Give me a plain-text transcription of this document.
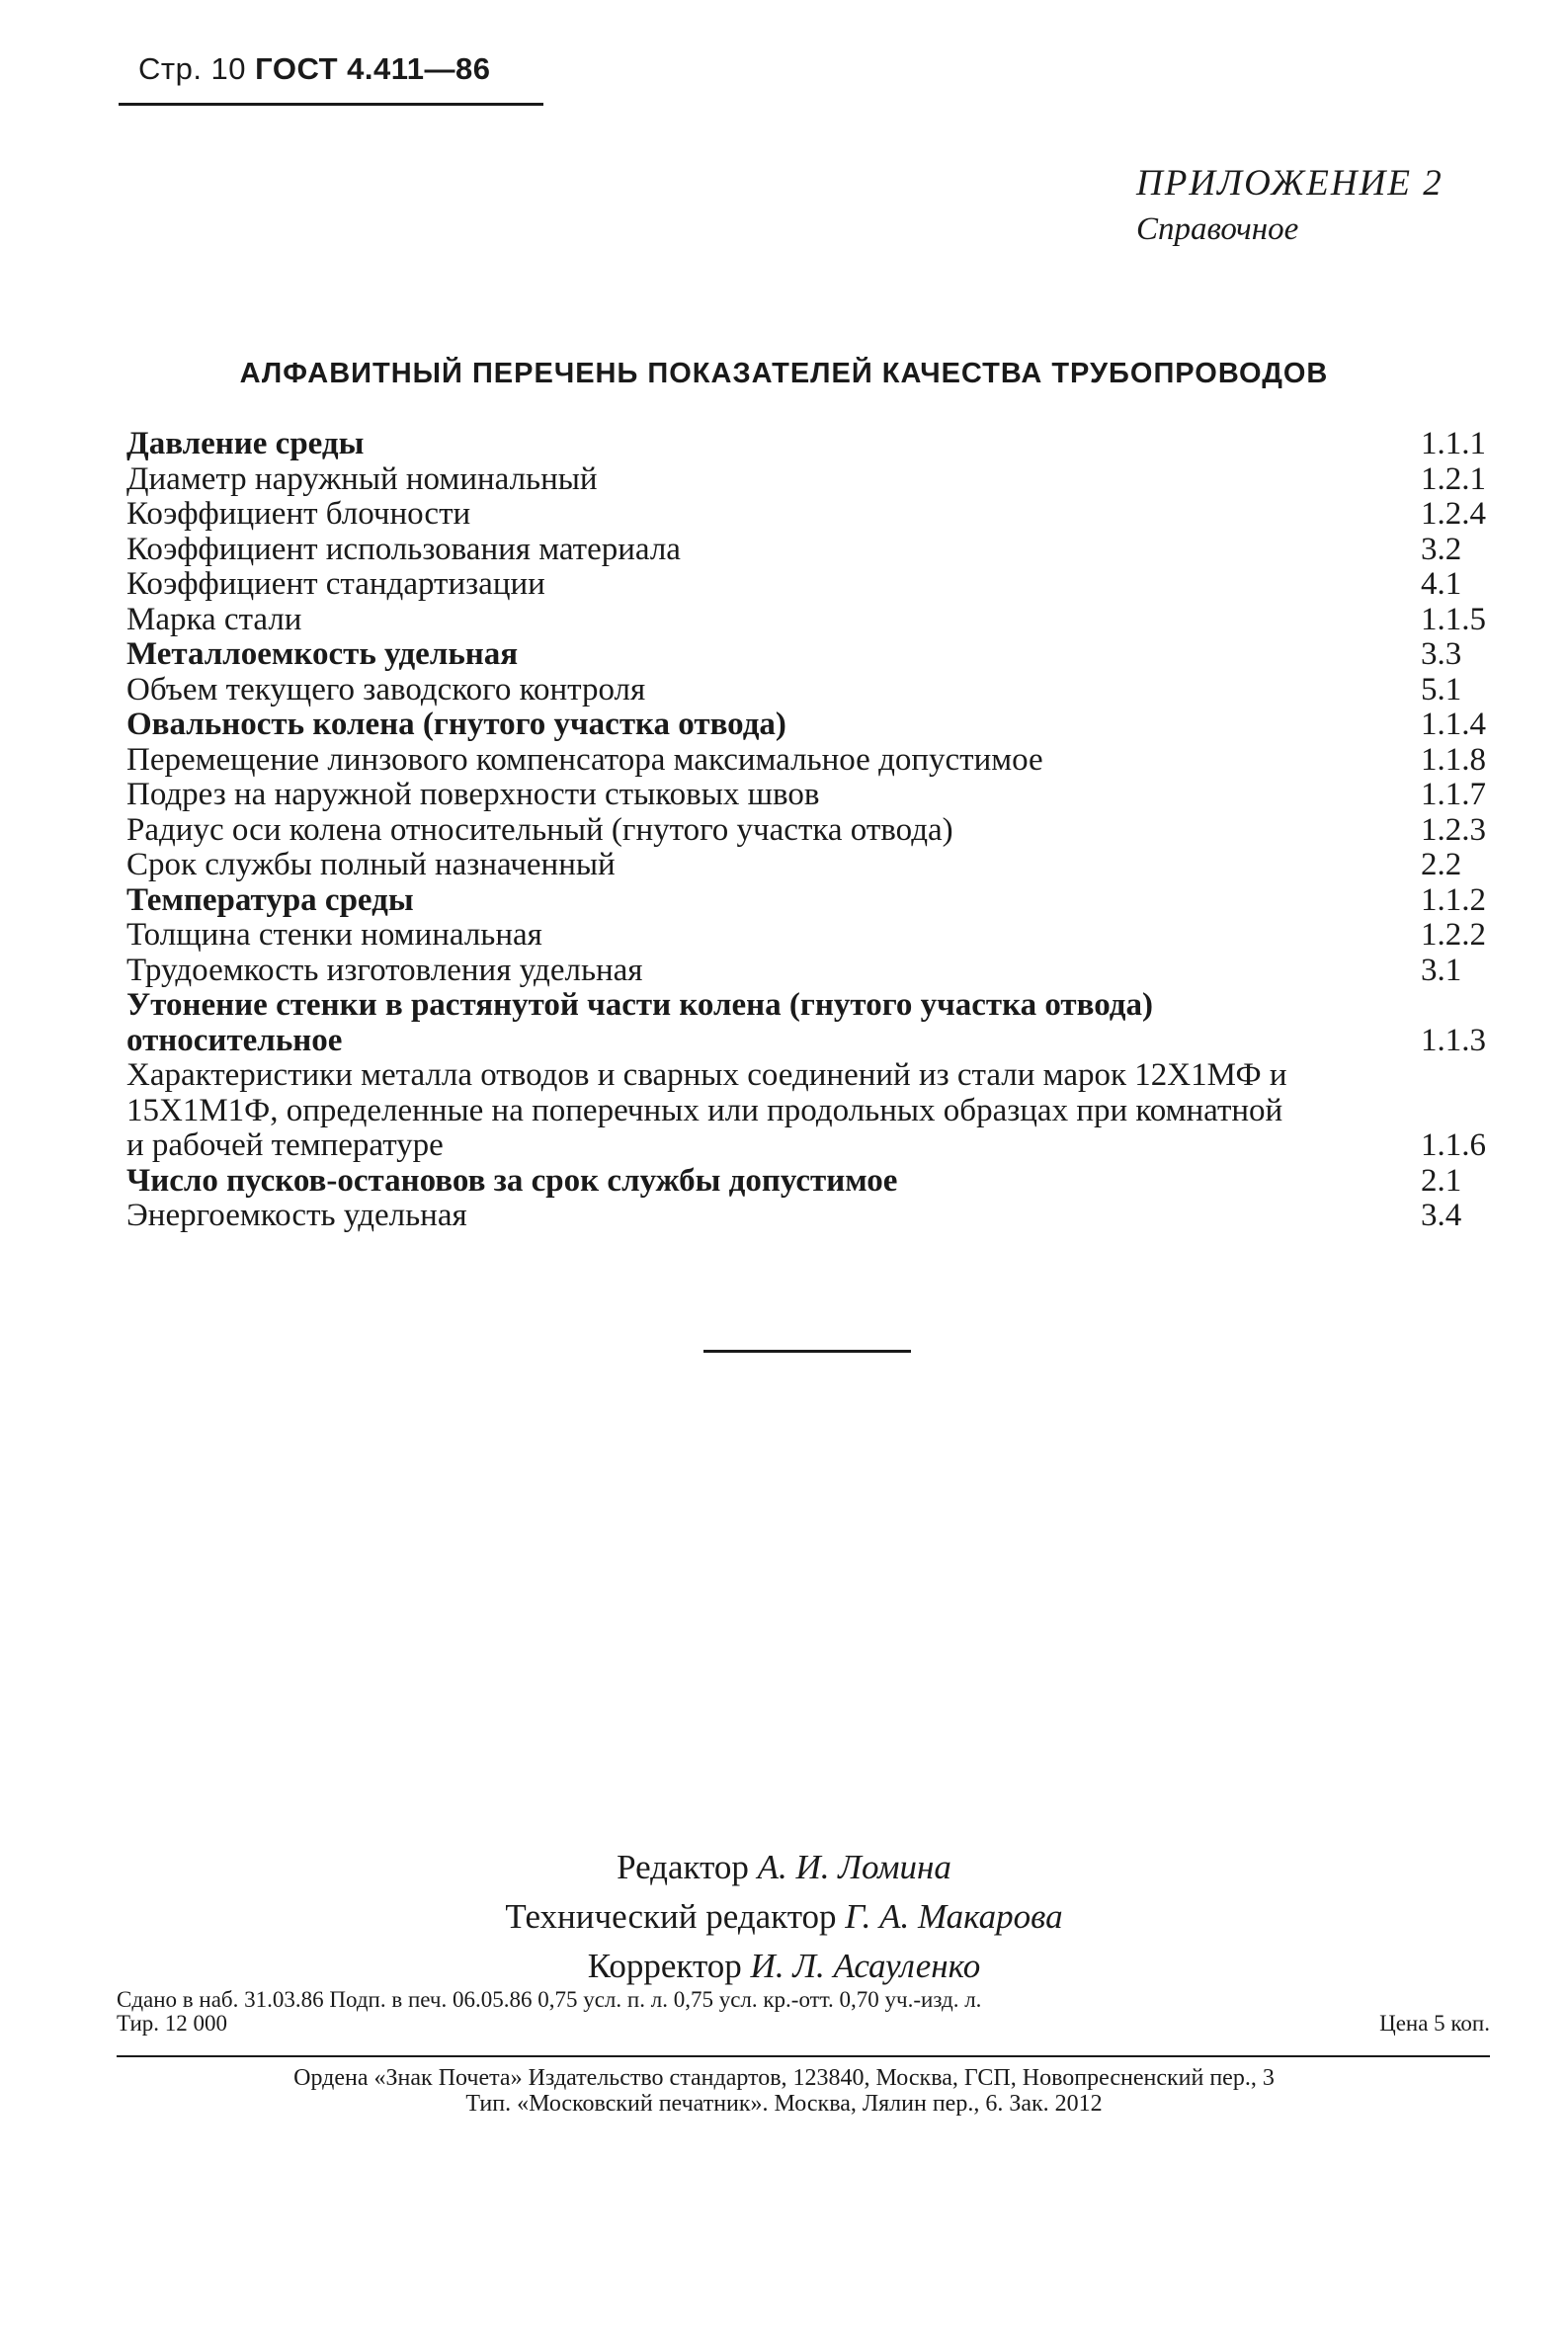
Стр. 10 ГОСТ 4.411—86
ПРИЛОЖЕНИЕ 2
Справочное
АЛФАВИТНЫЙ ПЕРЕЧЕНЬ ПОКАЗАТЕЛЕЙ КАЧЕСТВА ТРУБОПРОВОДОВ
Давление среды	1.1.1
Диаметр наружный номинальный	1.2.1
Коэффициент блочности	1.2.4
Коэффициент использования материала	3.2
Коэффициент стандартизации	4.1
Марка стали	1.1.5
Металлоемкость удельная	3.3
Объем текущего заводского контроля	5.1
Овальность колена (гнутого участка отвода)	1.1.4
Перемещение линзового компенсатора максимальное допустимое	1.1.8
Подрез на наружной поверхности стыковых швов	1.1.7
Радиус оси колена относительный (гнутого участка отвода)	1.2.3
Срок службы полный назначенный	2.2
Температура среды	1.1.2
Толщина стенки номинальная	1.2.2
Трудоемкость изготовления удельная	3.1
Утонение стенки в растянутой части колена (гнутого участка отвода) относительное	1.1.3
Характеристики металла отводов и сварных соединений из стали марок 12Х1МФ и 15Х1М1Ф, определенные на поперечных или продольных образцах при комнатной и рабочей температуре	1.1.6
Число пусков-остановов за срок службы допустимое	2.1
Энергоемкость удельная	3.4
Редактор А. И. Ломина
Технический редактор Г. А. Макарова
Корректор И. Л. Асауленко
Сдано в наб. 31.03.86 Подп. в печ. 06.05.86 0,75 усл. п. л. 0,75 усл. кр.-отт. 0,70 уч.-изд. л.
Тир. 12 000	Цена 5 коп.
Ордена «Знак Почета» Издательство стандартов, 123840, Москва, ГСП, Новопресненский пер., 3
Тип. «Московский печатник». Москва, Лялин пер., 6. Зак. 2012
